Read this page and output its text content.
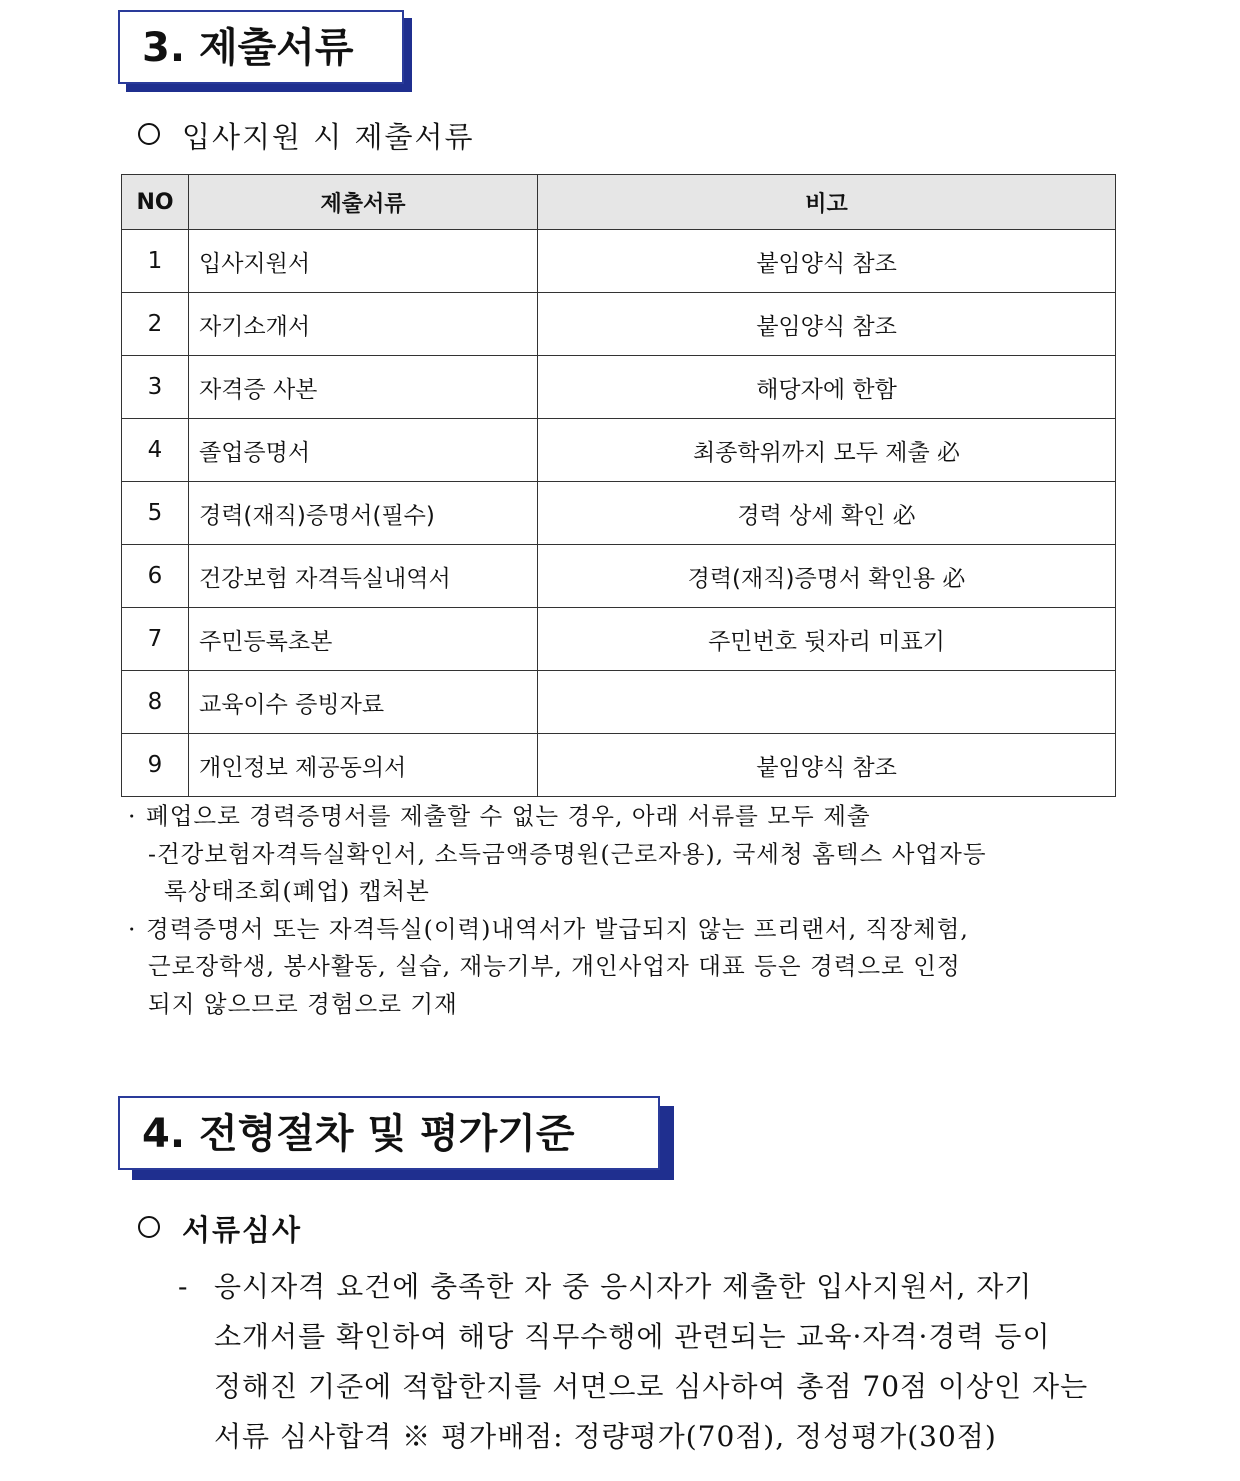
3. 제출서류
입사지원 시 제출서류
NO	제출서류	비고
1	입사지원서	붙임양식 참조
2	자기소개서	붙임양식 참조
3	자격증 사본	해당자에 한함
4	졸업증명서	최종학위까지 모두 제출 必
5	경력(재직)증명서(필수)	경력 상세 확인 必
6	건강보험 자격득실내역서	경력(재직)증명서 확인용 必
7	주민등록초본	주민번호 뒷자리 미표기
8	교육이수 증빙자료	
9	개인정보 제공동의서	붙임양식 참조

· 폐업으로 경력증명서를 제출할 수 없는 경우, 아래 서류를 모두 제출

-건강보험자격득실확인서, 소득금액증명원(근로자용), 국세청 홈텍스 사업자등

록상태조회(폐업) 캡처본

· 경력증명서 또는 자격득실(이력)내역서가 발급되지 않는 프리랜서, 직장체험,

근로장학생, 봉사활동, 실습, 재능기부, 개인사업자 대표 등은 경력으로 인정

되지 않으므로 경험으로 기재

4. 전형절차 및 평가기준
서류심사

- 응시자격 요건에 충족한 자 중 응시자가 제출한 입사지원서, 자기

소개서를 확인하여 해당 직무수행에 관련되는 교육·자격·경력 등이

정해진 기준에 적합한지를 서면으로 심사하여 총점 70점 이상인 자는

서류 심사합격 ※ 평가배점: 정량평가(70점), 정성평가(30점)
